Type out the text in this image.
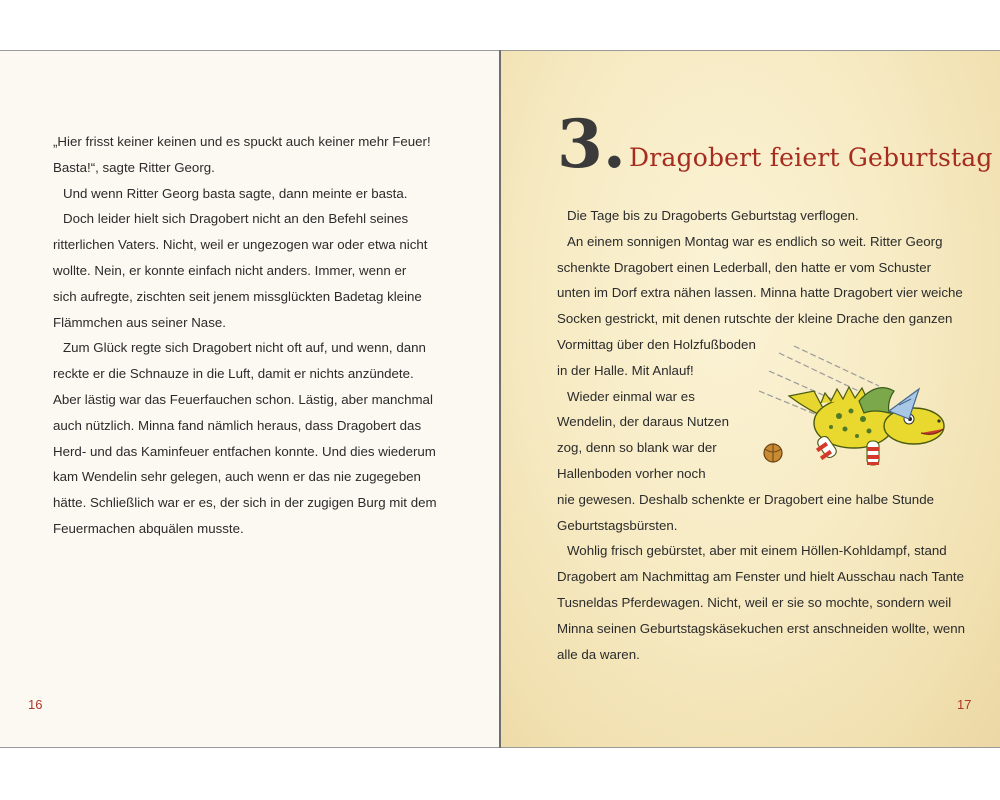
„Hier frisst keiner keinen und es spuckt auch keiner mehr Feuer!

Basta!“, sagte Ritter Georg.

Und wenn Ritter Georg basta sagte, dann meinte er basta.

Doch leider hielt sich Dragobert nicht an den Befehl seines

ritterlichen Vaters. Nicht, weil er ungezogen war oder etwa nicht

wollte. Nein, er konnte einfach nicht anders. Immer, wenn er

sich aufregte, zischten seit jenem missglückten Badetag kleine

Flämmchen aus seiner Nase.

Zum Glück regte sich Dragobert nicht oft auf, und wenn, dann

reckte er die Schnauze in die Luft, damit er nichts anzündete.

Aber lästig war das Feuerfauchen schon. Lästig, aber manchmal

auch nützlich. Minna fand nämlich heraus, dass Dragobert das

Herd- und das Kaminfeuer entfachen konnte. Und dies wiederum

kam Wendelin sehr gelegen, auch wenn er das nie zugegeben

hätte. Schließlich war er es, der sich in der zugigen Burg mit dem

Feuermachen abquälen musste.

16
3. Dragobert feiert Geburtstag

Die Tage bis zu Dragoberts Geburtstag verflogen.

An einem sonnigen Montag war es endlich so weit. Ritter Georg

schenkte Dragobert einen Lederball, den hatte er vom Schuster

unten im Dorf extra nähen lassen. Minna hatte Dragobert vier weiche

Socken gestrickt, mit denen rutschte der kleine Drache den ganzen

Vormittag über den Holzfußboden

in der Halle. Mit Anlauf!

Wieder einmal war es

Wendelin, der daraus Nutzen

zog, denn so blank war der

Hallenboden vorher noch

nie gewesen. Deshalb schenkte er Dragobert eine halbe Stunde

Geburtstagsbürsten.

Wohlig frisch gebürstet, aber mit einem Höllen-Kohldampf, stand

Dragobert am Nachmittag am Fenster und hielt Ausschau nach Tante

Tusneldas Pferdewagen. Nicht, weil er sie so mochte, sondern weil

Minna seinen Geburtstagskäsekuchen erst anschneiden wollte, wenn

alle da waren.

17
